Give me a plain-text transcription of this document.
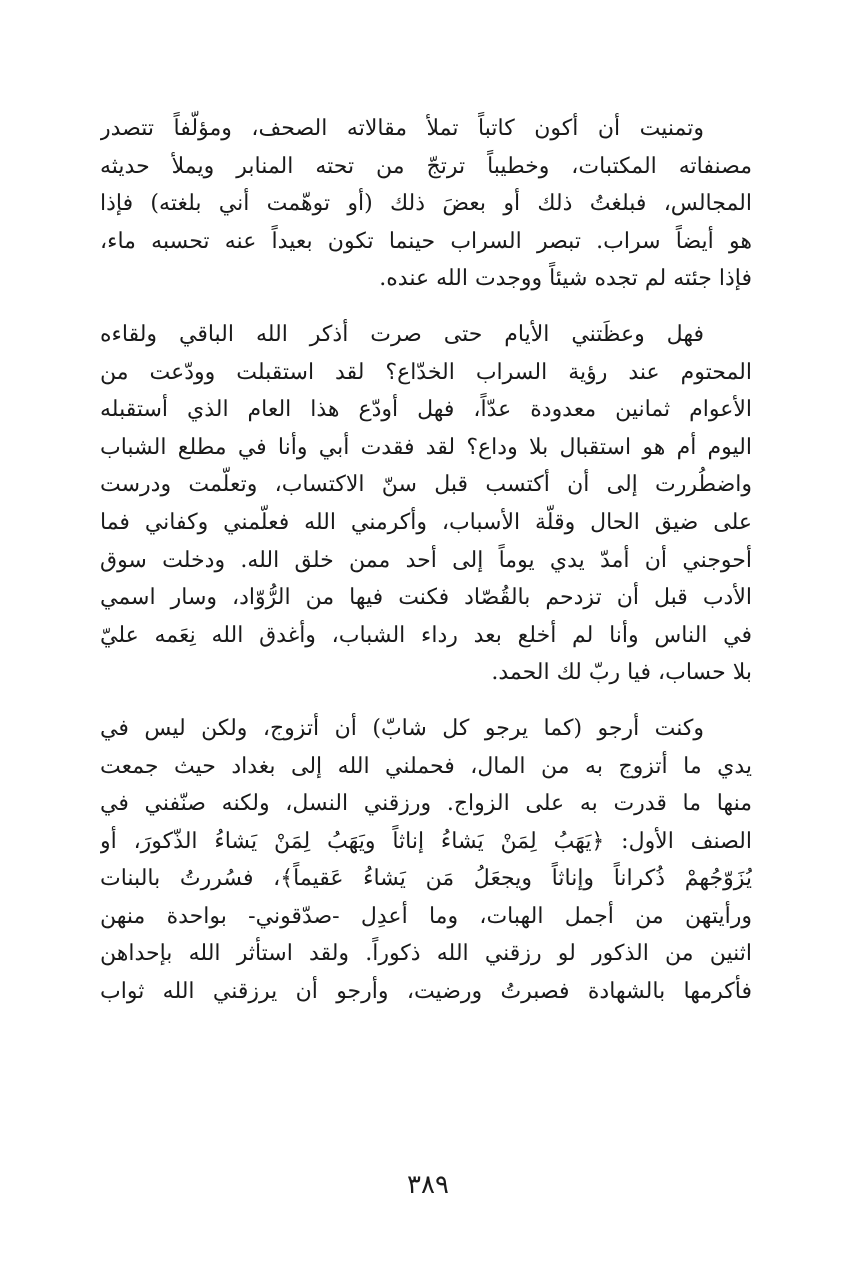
وتمنيت أن أكون كاتباً تملأ مقالاته الصحف، ومؤلّفاً تتصدر
مصنفاته المكتبات، وخطيباً ترتجّ من تحته المنابر ويملأ حديثه
المجالس، فبلغتُ ذلك أو بعضَ ذلك (أو توهّمت أني بلغته) فإذا
هو أيضاً سراب. تبصر السراب حينما تكون بعيداً عنه تحسبه ماء،
فإذا جئته لم تجده شيئاً ووجدت الله عنده.

فهل وعظَتني الأيام حتى صرت أذكر الله الباقي ولقاءه
المحتوم عند رؤية السراب الخدّاع؟ لقد استقبلت وودّعت من
الأعوام ثمانين معدودة عدّاً، فهل أودّع هذا العام الذي أستقبله
اليوم أم هو استقبال بلا وداع؟ لقد فقدت أبي وأنا في مطلع الشباب
واضطُررت إلى أن أكتسب قبل سنّ الاكتساب، وتعلّمت ودرست
على ضيق الحال وقلّة الأسباب، وأكرمني الله فعلّمني وكفاني فما
أحوجني أن أمدّ يدي يوماً إلى أحد ممن خلق الله. ودخلت سوق
الأدب قبل أن تزدحم بالقُصّاد فكنت فيها من الرُّوّاد، وسار اسمي
في الناس وأنا لم أخلع بعد رداء الشباب، وأغدق الله نِعَمه عليّ
بلا حساب، فيا ربّ لك الحمد.

وكنت أرجو (كما يرجو كل شابّ) أن أتزوج، ولكن ليس في
يدي ما أتزوج به من المال، فحملني الله إلى بغداد حيث جمعت
منها ما قدرت به على الزواج. ورزقني النسل، ولكنه صنّفني في
الصنف الأول: ﴿يَهَبُ لِمَنْ يَشاءُ إناثاً ويَهَبُ لِمَنْ يَشاءُ الذّكورَ، أو
يُزَوّجُهمْ ذُكراناً وإناثاً ويجعَلُ مَن يَشاءُ عَقيماً﴾، فسُررتُ بالبنات
ورأيتهن من أجمل الهبات، وما أعدِل -صدّقوني- بواحدة منهن
اثنين من الذكور لو رزقني الله ذكوراً. ولقد استأثر الله بإحداهن
فأكرمها بالشهادة فصبرتُ ورضيت، وأرجو أن يرزقني الله ثواب

٣٨٩
